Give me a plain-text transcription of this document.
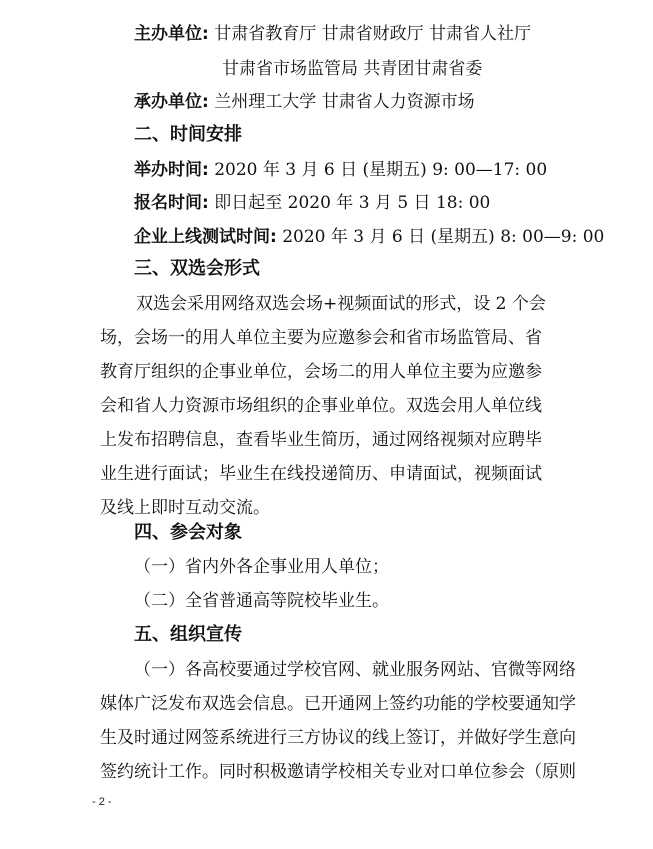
主办单位: 甘肃省教育厅 甘肃省财政厅 甘肃省人社厅
甘肃省市场监管局 共青团甘肃省委
承办单位: 兰州理工大学 甘肃省人力资源市场
二、时间安排
举办时间: 2020 年 3 月 6 日 (星期五) 9: 00—17: 00
报名时间: 即日起至 2020 年 3 月 5 日 18: 00
企业上线测试时间: 2020 年 3 月 6 日 (星期五) 8: 00—9: 00
三、双选会形式
双选会采用网络双选会场+视频面试的形式，设 2 个会
场，会场一的用人单位主要为应邀参会和省市场监管局、省
教育厅组织的企事业单位，会场二的用人单位主要为应邀参
会和省人力资源市场组织的企事业单位。双选会用人单位线
上发布招聘信息，查看毕业生简历，通过网络视频对应聘毕
业生进行面试；毕业生在线投递简历、申请面试，视频面试
及线上即时互动交流。
四、参会对象
（一）省内外各企事业用人单位；
（二）全省普通高等院校毕业生。
五、组织宣传
（一）各高校要通过学校官网、就业服务网站、官微等网络
媒体广泛发布双选会信息。已开通网上签约功能的学校要通知学
生及时通过网签系统进行三方协议的线上签订，并做好学生意向
签约统计工作。同时积极邀请学校相关专业对口单位参会（原则
- 2 -
